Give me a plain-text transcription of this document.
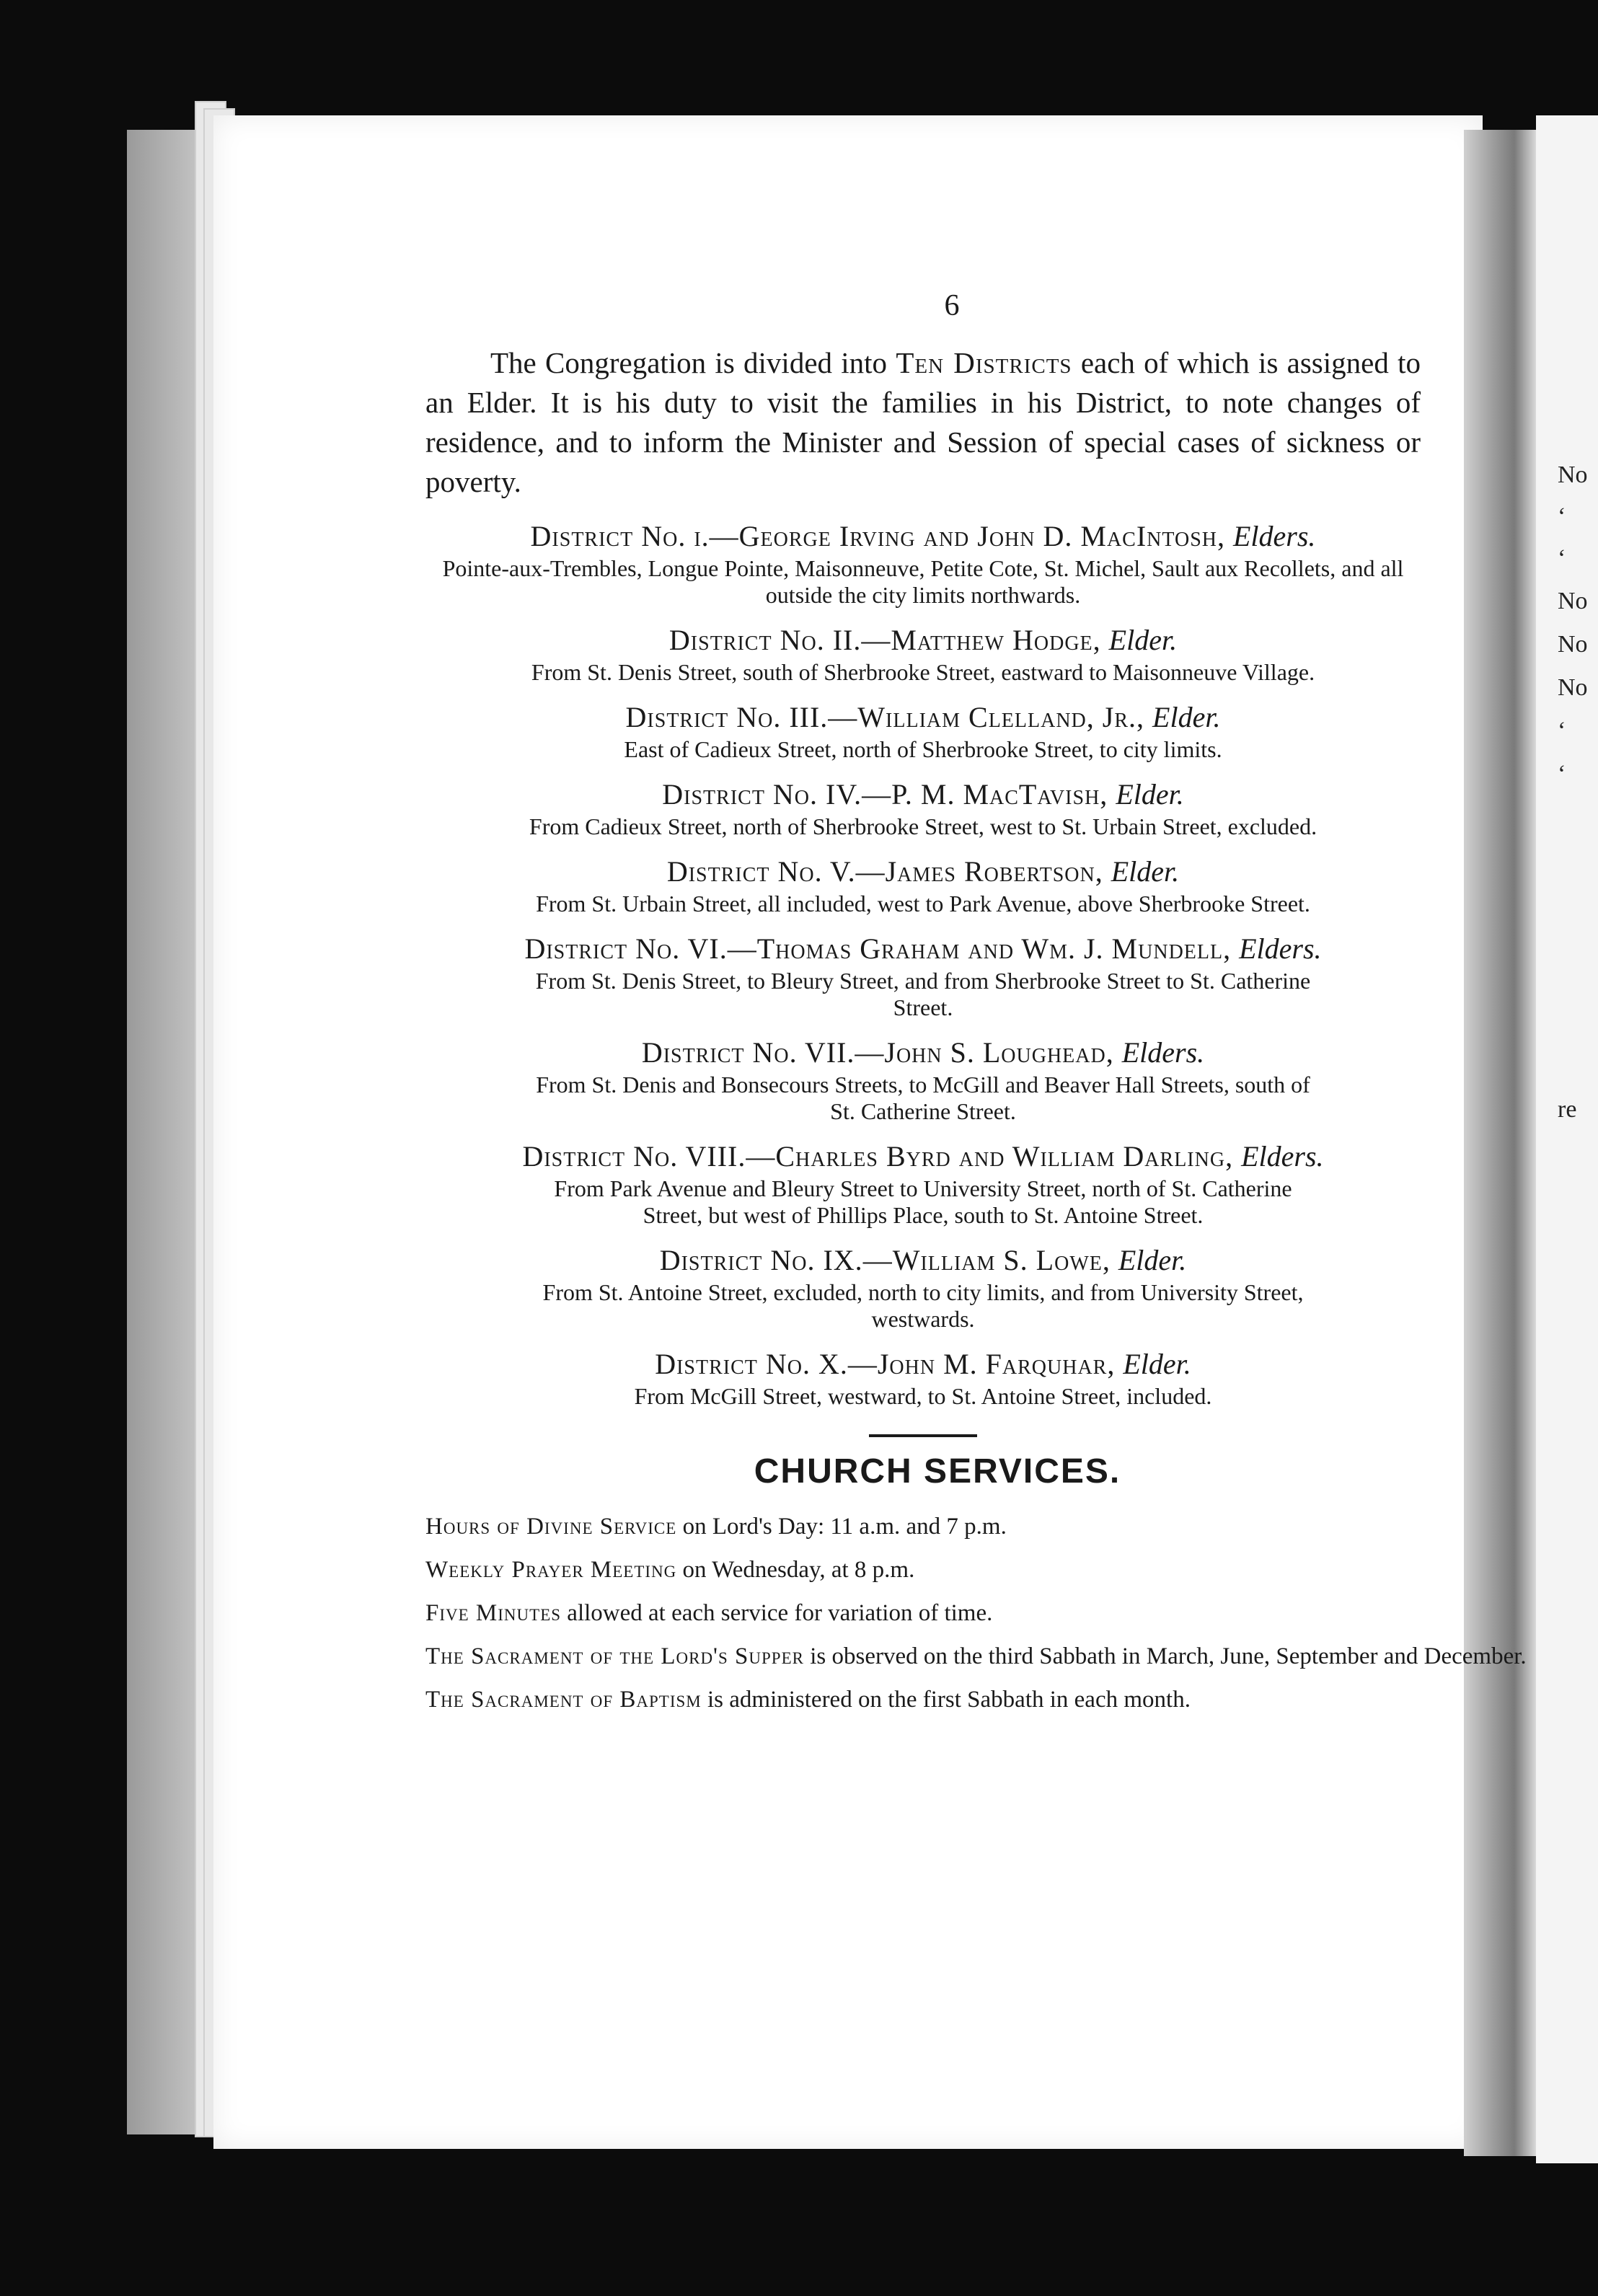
No
‘
‘
No
No
No
‘
‘
re
6

The Congregation is divided into Ten Districts each of which is assigned to an Elder. It is his duty to visit the families in his District, to note changes of residence, and to inform the Minister and Session of special cases of sickness or poverty.

District No. i.—George Irving and John D. MacIntosh, Elders.
Pointe-aux-Trembles, Longue Pointe, Maisonneuve, Petite Cote, St. Michel, Sault aux Recollets, and all outside the city limits northwards.
District No. II.—Matthew Hodge, Elder.
From St. Denis Street, south of Sherbrooke Street, eastward to Maisonneuve Village.
District No. III.—William Clelland, Jr., Elder.
East of Cadieux Street, north of Sherbrooke Street, to city limits.
District No. IV.—P. M. MacTavish, Elder.
From Cadieux Street, north of Sherbrooke Street, west to St. Urbain Street, excluded.
District No. V.—James Robertson, Elder.
From St. Urbain Street, all included, west to Park Avenue, above Sherbrooke Street.
District No. VI.—Thomas Graham and Wm. J. Mundell, Elders.
From St. Denis Street, to Bleury Street, and from Sherbrooke Street to St. Catherine Street.
District No. VII.—John S. Loughead, Elders.
From St. Denis and Bonsecours Streets, to McGill and Beaver Hall Streets, south of St. Catherine Street.
District No. VIII.—Charles Byrd and William Darling, Elders.
From Park Avenue and Bleury Street to University Street, north of St. Catherine Street, but west of Phillips Place, south to St. Antoine Street.
District No. IX.—William S. Lowe, Elder.
From St. Antoine Street, excluded, north to city limits, and from University Street, westwards.
District No. X.—John M. Farquhar, Elder.
From McGill Street, westward, to St. Antoine Street, included.
CHURCH SERVICES.

Hours of Divine Service on Lord's Day: 11 a.m. and 7 p.m.

Weekly Prayer Meeting on Wednesday, at 8 p.m.

Five Minutes allowed at each service for variation of time.

The Sacrament of the Lord's Supper is observed on the third Sabbath in March, June, September and December.

The Sacrament of Baptism is administered on the first Sabbath in each month.
